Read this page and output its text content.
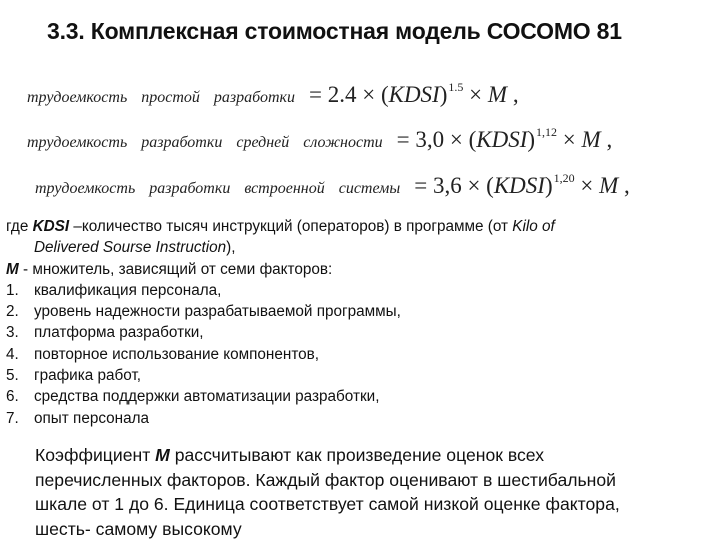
3.3. Комплексная стоимостная модель СОСОМО 81
трудоемкость простой разработки = 2.4 × (KDSI)$^{1.5}$ × M ,
трудоемкость разработки средней сложности = 3,0 × (KDSI)$^{1,12}$ × M ,
трудоемкость разработки встроенной системы = 3,6 × (KDSI)$^{1,20}$ × M ,
где KDSI –количество тысяч инструкций (операторов) в программе (от Kilo of
Delivered Sourse Instruction),
М - множитель, зависящий от семи факторов:
1. квалификация персонала,
2. уровень надежности разрабатываемой программы,
3. платформа разработки,
4. повторное использование компонентов,
5. графика работ,
6. средства поддержки автоматизации разработки,
7. опыт персонала
Коэффициент М рассчитывают как произведение оценок всех
перечисленных факторов. Каждый фактор оценивают в шестибальной
шкале от 1 до 6. Единица соответствует самой низкой оценке фактора,
шесть- самому высокому
